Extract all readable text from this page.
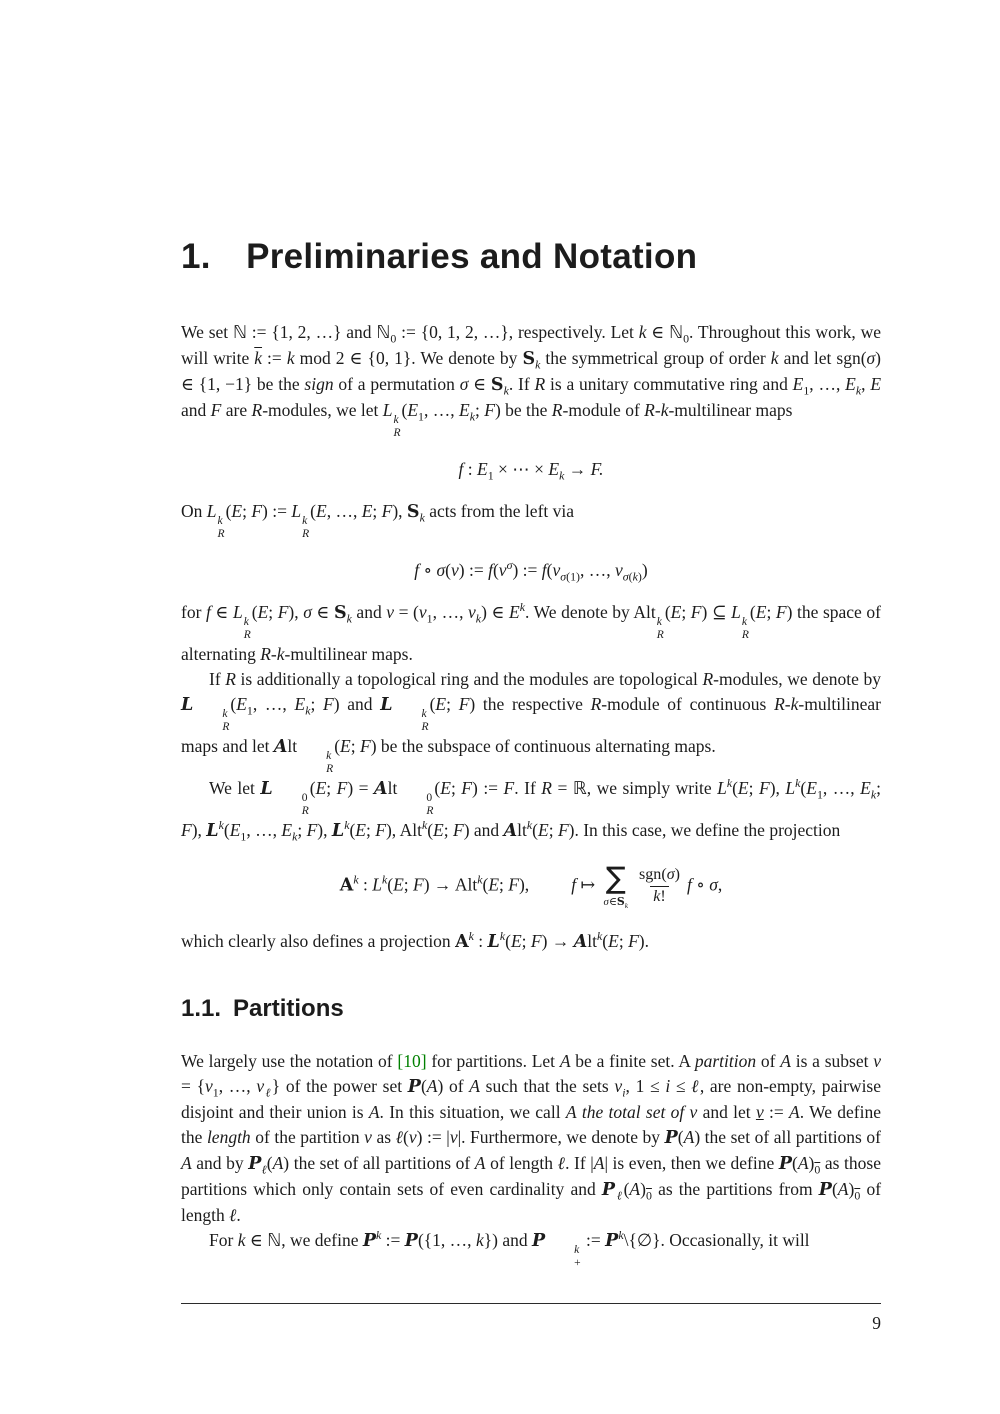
1. Preliminaries and Notation

We set ℕ := {1, 2, …} and ℕ$_0$ := {0, 1, 2, …}, respectively. Let k ∈ ℕ$_0$. Throughout this work, we will write $\overline{k}$ := k mod 2 ∈ {0, 1}. We denote by $S_k$ the symmetrical group of order k and let sgn(σ) ∈ {1, −1} be the sign of a permutation σ ∈ $S_k$. If R is a unitary commutative ring and $E_1$, …, $E_k$, E and F are R-modules, we let L
k
R
($E_1$, …, $E_k$; F) be the R-module of R-k-multilinear maps

f : $E_1$ × ⋯ × $E_k \to F$.

On L
k
R
(E; F) := L
k
R
(E, …, E; F), $S_k$ acts from the left via

f ∘ σ(v) := $f(v^\sigma)$ := $f(v_{\sigma(1)}$, …, $v_{\sigma(k)}$)

for f ∈ L
k
R
(E; F), σ ∈ $S_k$ and $v = (v_1$, …, $v_k$) ∈ $E^k$. We denote by Alt
k
R
(E; F) ⊆ L
k
R
(E; F) the space of alternating R-k-multilinear maps.

If R is additionally a topological ring and the modules are topological R-modules, we denote by L	k
R
($E_1$, …, $E_k$; F) and L	k
R
(E; F) the respective R-module of continuous R-k-multilinear maps and let Alt
k
R
(E; F) be the subspace of continuous alternating maps.

We let L	0
R
(E; F) = Alt
0
R
(E; F) := F. If R = ℝ, we simply write $L^k(E$; F), $L^k(E_1$, …, $E_k$; F), $L^k(E_1$, …, $E_k$; F), $L^k(E$; F), Alt$^k$(E; F) and Alt$^k$(E; F). In this case, we define the projection

$A^k$ : $L^k(E$; F) → Alt$^k$(E; F), f ↦ ∑
$\sigma\in S_k \frac{\text{sgn(σ)}}{k!}$ f ∘ σ,

which clearly also defines a projection $A^k$ : $L^k(E$; F) → Alt$^k$(E; F).

1.1. Partitions

We largely use the notation of [10] for partitions. Let A be a finite set. A partition of A is a subset $\nu = \{\nu_1$, …, $\nu_\ell$} of the power set P(A) of A such that the sets $\nu_i$, 1 ≤ i ≤ ℓ, are non-empty, pairwise disjoint and their union is A. In this situation, we call A the total set of ν and let ν := A. We define the length of the partition ν as ℓ(ν) := |ν|. Furthermore, we denote by P(A) the set of all partitions of A and by $P_\ell(A)$ the set of all partitions of A of length ℓ. If |A| is even, then we define $P(A)_0$ as those partitions which only contain sets of even cardinality and $P_\ell(A)_0$ as the partitions from $P(A)_0$ of length ℓ.

For k ∈ ℕ, we define $P^k$ := P({1, …, k}) and P	k
+
:= $P^k\backslash\{\emptyset\}$. Occasionally, it will

9
